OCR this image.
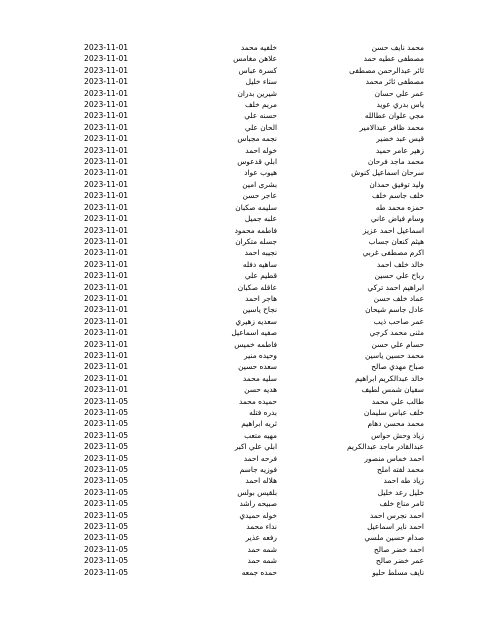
2023-11-01	خلفيه محمد	محمد نايف حسن
2023-11-01	علاهن مغامس	مصطفى عطيه حمد
2023-11-01	كسرة عباس	ثائر عبدالرحمن مصطفى
2023-11-01	سناء خليل	مصطفى ثائر محمد
2023-11-01	شيرين بدران	عمر علي حسان
2023-11-01	مريم خلف	ياس بدري عويد
2023-11-01	حسنه علي	مجي علوان عطالله
2023-11-01	الحان علي	محمد ظافر عبدالامير
2023-11-01	نجمه مجباس	قيس عبد خضير
2023-11-01	خوله احمد	زهير عامر حميد
2023-11-01	ابلي قدعوس	محمد ماجد فرحان
2023-11-01	هيوب عواد	سرحان اسماعيل كنوش
2023-11-01	بشرى امين	وليد توفيق حمدان
2023-11-01	عاجر حسن	خلف جاسم خلف
2023-11-01	سليمه صكبان	حمزه محمد طه
2023-11-01	علبه جميل	وسام فياض عاني
2023-11-01	فاطمه محمود	اسماعيل احمد عزيز
2023-11-01	جسله متكران	هيثم كنعان جساب
2023-11-01	نجيبه احمد	اكرم مصطفى غربي
2023-11-01	ساهيه دفله	خالد خلف احمد
2023-11-01	قطيم علي	رباح علي حسين
2023-11-01	عاقله صكبان	ابراهيم احمد تركي
2023-11-01	هاجر احمد	عماد خلف حسن
2023-11-01	نجاح ياسين	عادل جاسم شيحان
2023-11-01	سعديه زهيري	عمر صاحب ذيب
2023-11-01	صفيه اسماعيل	مثنى محمد كرجي
2023-11-01	فاطمه خميس	حسام علي حسن
2023-11-01	وحيده منير	محمد حسين ياسين
2023-11-01	سعده حسين	صباح مهدي صالح
2023-11-01	سليه محمد	خالد عبدالكريم ابراهيم
2023-11-01	هديه حسن	سفيان شمس لطيف
2023-11-05	حميده محمد	طالب علي محمد
2023-11-05	بدره فتله	خلف عباس سليمان
2023-11-05	ثريه ابراهيم	محمد محسن دهام
2023-11-05	مهيه متعب	زياد وحش حواس
2023-11-05	ابلي علي اكبر	عبدالقادر ماجد عبدالكريم
2023-11-05	فرحه احمد	احمد خماس منصور
2023-11-05	فوزيه جاسم	محمد لفته املح
2023-11-05	هلاله احمد	زياد طه احمد
2023-11-05	بلقيس بولس	خليل رعد خليل
2023-11-05	صبيحه راشد	ثامر مناع خلف
2023-11-05	خوله حميدي	احمد نجرس احمد
2023-11-05	نداء محمد	احمد ناير اسماعيل
2023-11-05	رفعه عذير	صدام حسين ملسي
2023-11-05	شمه حمد	احمد خضر صالح
2023-11-05	شمه حمد	عمر خضر صالح
2023-11-05	حمده جمعه	نايف مسلط حليو
